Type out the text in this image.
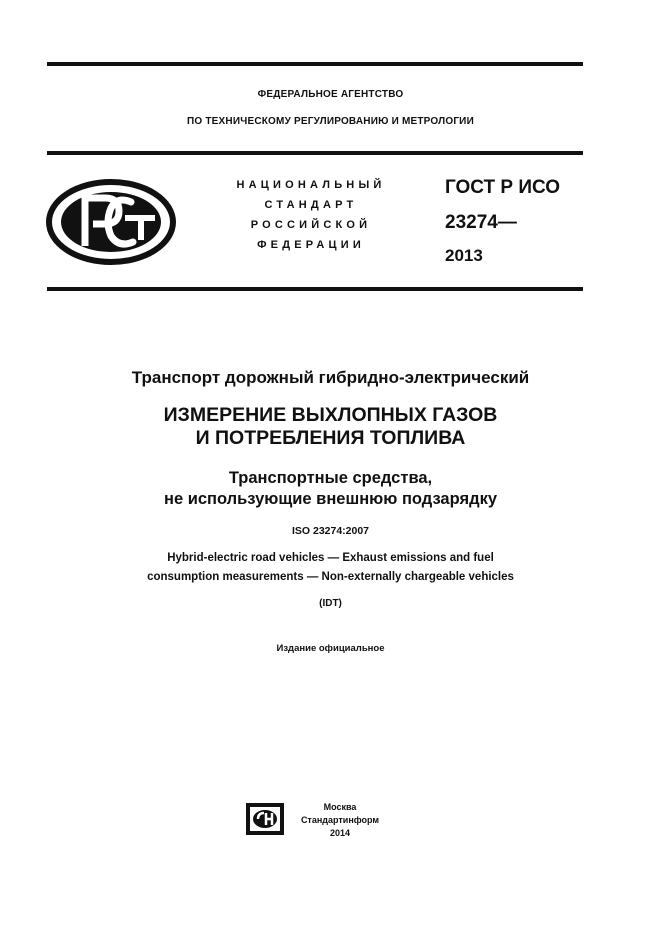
ФЕДЕРАЛЬНОЕ АГЕНТСТВО
ПО ТЕХНИЧЕСКОМУ РЕГУЛИРОВАНИЮ И МЕТРОЛОГИИ
НАЦИОНАЛЬНЫЙ
СТАНДАРТ
РОССИЙСКОЙ
ФЕДЕРАЦИИ
ГОСТ Р ИСО
23274—
2013
Транспорт дорожный гибридно-электрический
ИЗМЕРЕНИЕ ВЫХЛОПНЫХ ГАЗОВ
И ПОТРЕБЛЕНИЯ ТОПЛИВА
Транспортные средства,
не использующие внешнюю подзарядку
ISO 23274:2007
Hybrid-electric road vehicles — Exhaust emissions and fuel
consumption measurements — Non-externally chargeable vehicles
(IDT)
Издание официальное
Москва
Стандартинформ
2014
